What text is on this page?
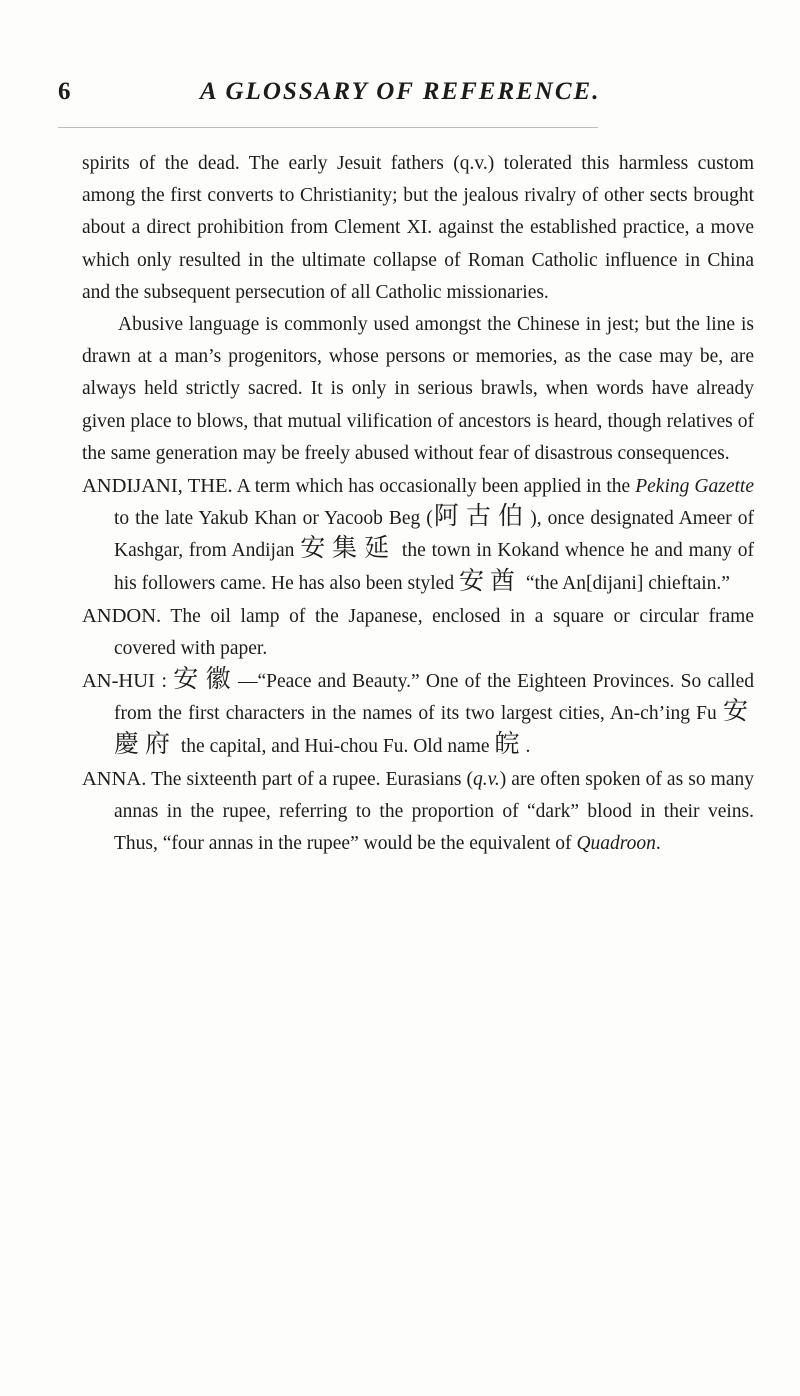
6	A GLOSSARY OF REFERENCE.

spirits of the dead. The early Jesuit fathers (q.v.) tolerated this harmless custom among the first converts to Christianity; but the jealous rivalry of other sects brought about a direct prohibition from Clement XI. against the established practice, a move which only resulted in the ultimate collapse of Roman Catholic influence in China and the subsequent persecution of all Catholic missionaries.

Abusive language is commonly used amongst the Chinese in jest; but the line is drawn at a man’s progenitors, whose persons or memories, as the case may be, are always held strictly sacred. It is only in serious brawls, when words have already given place to blows, that mutual vilification of ancestors is heard, though relatives of the same generation may be freely abused without fear of disastrous consequences.

ANDIJANI, THE. A term which has occasionally been applied in the Peking Gazette to the late Yakub Khan or Yacoob Beg (阿古伯), once designated Ameer of Kashgar, from Andijan 安集延 the town in Kokand whence he and many of his followers came. He has also been styled 安酋 “the An[dijani] chieftain.”

ANDON. The oil lamp of the Japanese, enclosed in a square or circular frame covered with paper.

AN-HUI : 安徽—“Peace and Beauty.” One of the Eighteen Provinces. So called from the first characters in the names of its two largest cities, An-ch’ing Fu 安慶府 the capital, and Hui-chou Fu. Old name 皖.

ANNA. The sixteenth part of a rupee. Eurasians (q.v.) are often spoken of as so many annas in the rupee, referring to the proportion of “dark” blood in their veins. Thus, “four annas in the rupee” would be the equivalent of Quadroon.
